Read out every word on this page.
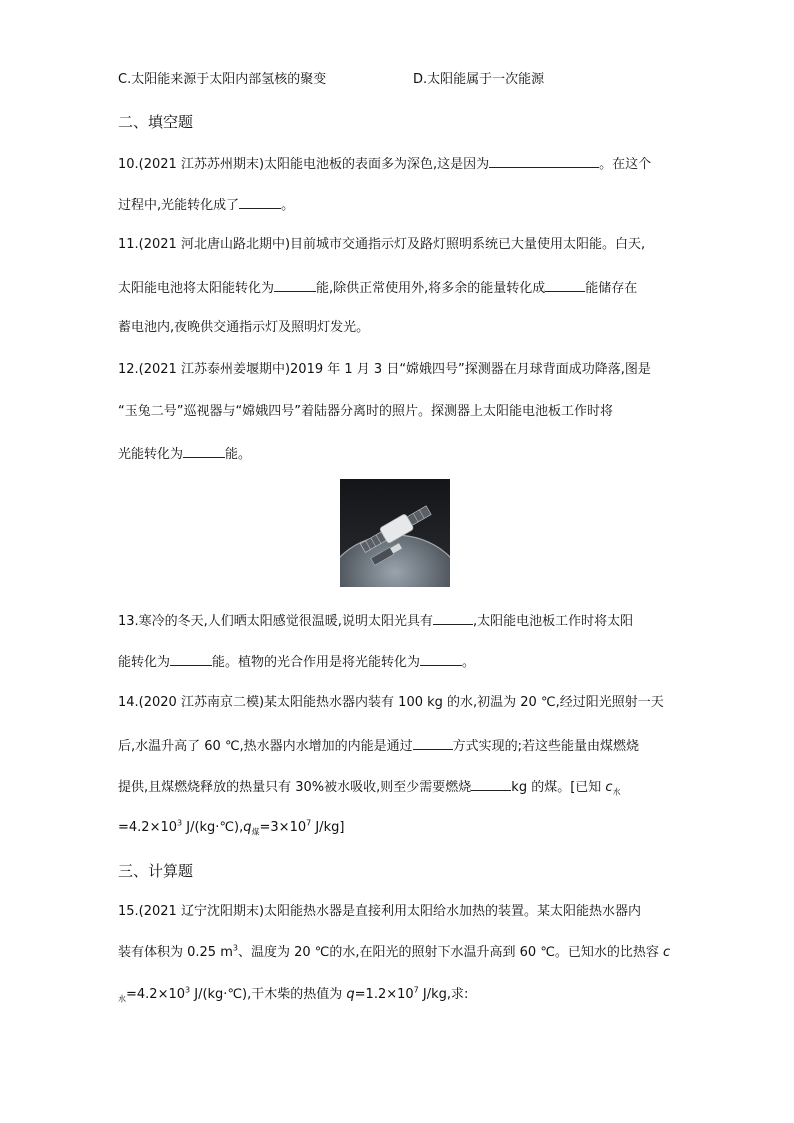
C.太阳能来源于太阳内部氢核的聚变	D.太阳能属于一次能源
二、填空题
10.(2021 江苏苏州期末)太阳能电池板的表面多为深色,这是因为	。在这个
过程中,光能转化成了	。
11.(2021 河北唐山路北期中)目前城市交通指示灯及路灯照明系统已大量使用太阳能。白天,
太阳能电池将太阳能转化为	能,除供正常使用外,将多余的能量转化成	能储存在
蓄电池内,夜晚供交通指示灯及照明灯发光。
12.(2021 江苏泰州姜堰期中)2019 年 1 月 3 日“嫦娥四号”探测器在月球背面成功降落,图是
“玉兔二号”巡视器与“嫦娥四号”着陆器分离时的照片。探测器上太阳能电池板工作时将
光能转化为	能。
13.寒冷的冬天,人们晒太阳感觉很温暖,说明太阳光具有	,太阳能电池板工作时将太阳
能转化为	能。植物的光合作用是将光能转化为	。
14.(2020 江苏南京二模)某太阳能热水器内装有 100 kg 的水,初温为 20 ℃,经过阳光照射一天
后,水温升高了 60 ℃,热水器内水增加的内能是通过	方式实现的;若这些能量由煤燃烧
提供,且煤燃烧释放的热量只有 30%被水吸收,则至少需要燃烧	kg 的煤。[已知 $c_水$
$=4.2\times 10^3$ $J/(kg\cdot℃),q_煤=3\times 10^7$ J/kg]
三、计算题
15.(2021 辽宁沈阳期末)太阳能热水器是直接利用太阳给水加热的装置。某太阳能热水器内
装有体积为 0.25 $m^3$、温度为 20 ℃的水,在阳光的照射下水温升高到 60 ℃。已知水的比热容 c
$_水=4.2\times 10^3$ J/(kg·℃),干木柴的热值为 $q=1.2\times 10^7$ J/kg,求:
